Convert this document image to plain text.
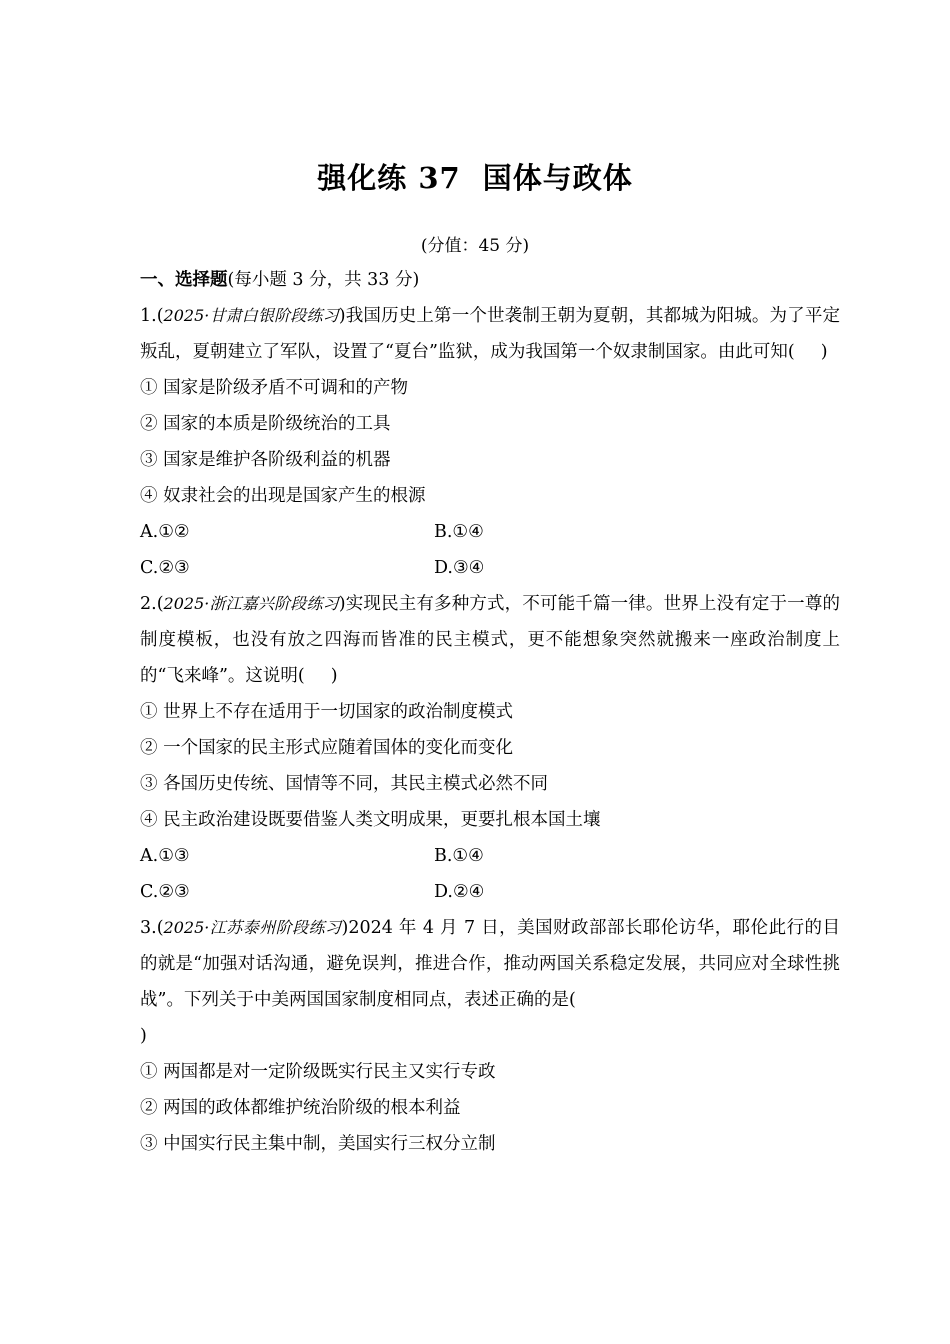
强化练 37 国体与政体
(分值：45 分)
一、选择题(每小题 3 分，共 33 分)
1.(2025·甘肃白银阶段练习)我国历史上第一个世袭制王朝为夏朝，其都城为阳城。为了平定叛乱，夏朝建立了军队，设置了“夏台”监狱，成为我国第一个奴隶制国家。由此可知( )
① 国家是阶级矛盾不可调和的产物
② 国家的本质是阶级统治的工具
③ 国家是维护各阶级利益的机器
④ 奴隶社会的出现是国家产生的根源
A.①②	B.①④
C.②③	D.③④
2.(2025·浙江嘉兴阶段练习)实现民主有多种方式，不可能千篇一律。世界上没有定于一尊的制度模板，也没有放之四海而皆准的民主模式，更不能想象突然就搬来一座政治制度上的“飞来峰”。这说明( )
① 世界上不存在适用于一切国家的政治制度模式
② 一个国家的民主形式应随着国体的变化而变化
③ 各国历史传统、国情等不同，其民主模式必然不同
④ 民主政治建设既要借鉴人类文明成果，更要扎根本国土壤
A.①③	B.①④
C.②③	D.②④
3.(2025·江苏泰州阶段练习)2024 年 4 月 7 日，美国财政部部长耶伦访华，耶伦此行的目的就是“加强对话沟通，避免误判，推进合作，推动两国关系稳定发展，共同应对全球性挑战”。下列关于中美两国国家制度相同点，表述正确的是(
)
① 两国都是对一定阶级既实行民主又实行专政
② 两国的政体都维护统治阶级的根本利益
③ 中国实行民主集中制，美国实行三权分立制
